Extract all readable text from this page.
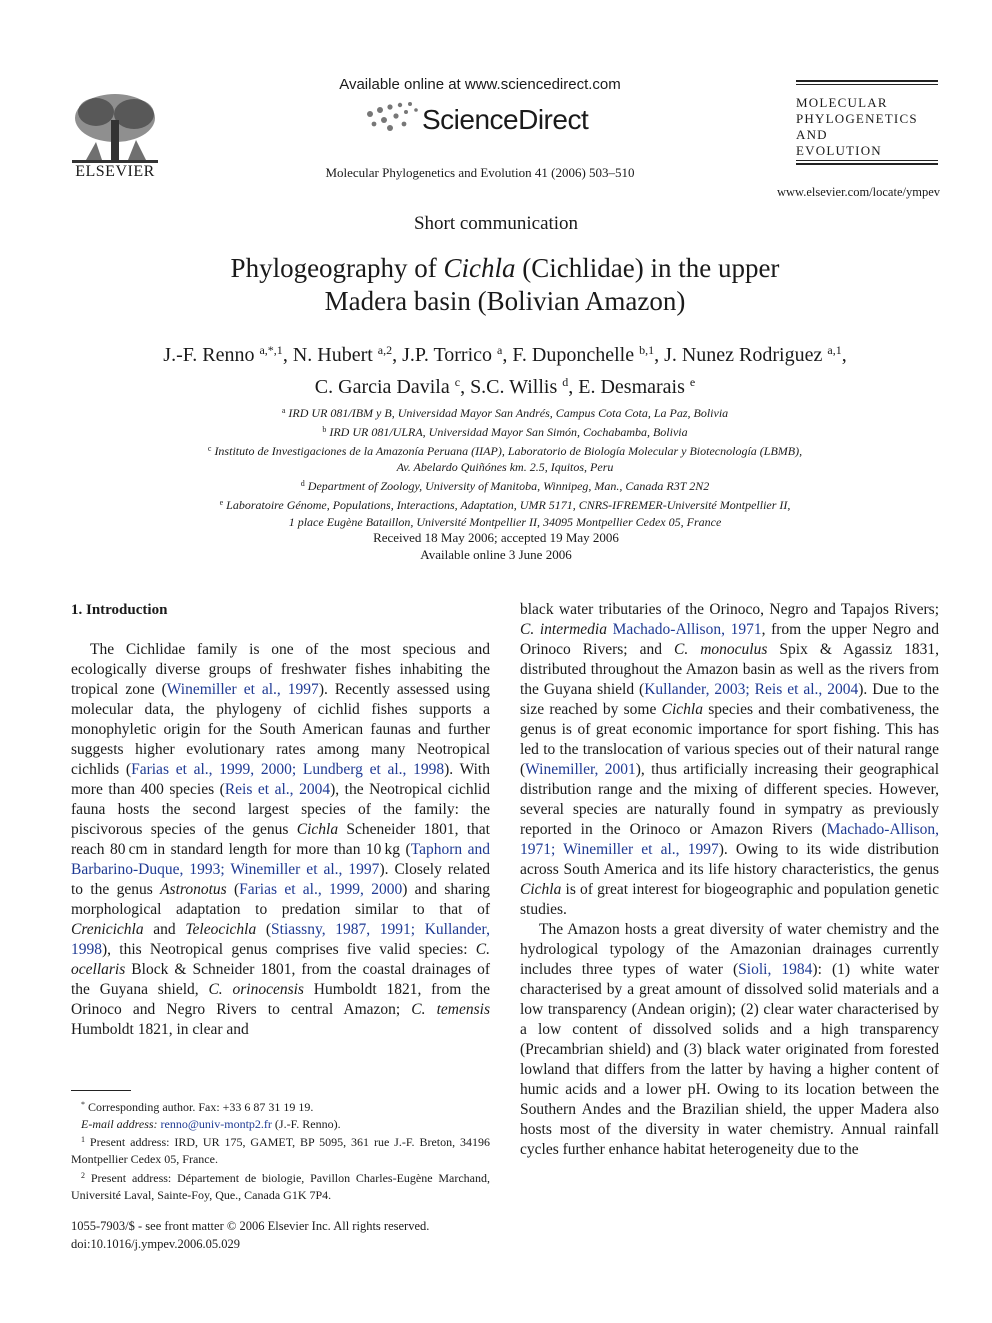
ELSEVIER
Available online at www.sciencedirect.com
ScienceDirect
Molecular Phylogenetics and Evolution 41 (2006) 503–510
MOLECULAR
PHYLOGENETICS
AND
EVOLUTION
www.elsevier.com/locate/ympev
Short communication
Phylogeography of Cichla (Cichlidae) in the upper
Madera basin (Bolivian Amazon)
J.-F. Renno $^{a,*,1}$, N. Hubert $^{a,2}$, J.P. Torrico $^a$, F. Duponchelle $^{b,1}$, J. Nunez Rodriguez $^{a,1}$,
C. Garcia Davila $^c$, S.C. Willis $^d$, E. Desmarais $^e$
$^a$ IRD UR 081/IBM y B, Universidad Mayor San Andrés, Campus Cota Cota, La Paz, Bolivia
$^b$ IRD UR 081/ULRA, Universidad Mayor San Simón, Cochabamba, Bolivia
$^c$ Instituto de Investigaciones de la Amazonía Peruana (IIAP), Laboratorio de Biología Molecular y Biotecnología (LBMB),
Av. Abelardo Quiñónes km. 2.5, Iquitos, Peru
$^d$ Department of Zoology, University of Manitoba, Winnipeg, Man., Canada R3T 2N2
$^e$ Laboratoire Génome, Populations, Interactions, Adaptation, UMR 5171, CNRS-IFREMER-Université Montpellier II,
1 place Eugène Bataillon, Université Montpellier II, 34095 Montpellier Cedex 05, France
Received 18 May 2006; accepted 19 May 2006
Available online 3 June 2006
1. Introduction

The Cichlidae family is one of the most specious and ecologically diverse groups of freshwater fishes inhabiting the tropical zone (Winemiller et al., 1997). Recently assessed using molecular data, the phylogeny of cichlid fishes supports a monophyletic origin for the South American faunas and further suggests higher evolutionary rates among many Neotropical cichlids (Farias et al., 1999, 2000; Lundberg et al., 1998). With more than 400 species (Reis et al., 2004), the Neotropical cichlid fauna hosts the second largest species of the family: the piscivorous species of the genus Cichla Scheneider 1801, that reach 80 cm in standard length for more than 10 kg (Taphorn and Barbarino-Duque, 1993; Winemiller et al., 1997). Closely related to the genus Astronotus (Farias et al., 1999, 2000) and sharing morphological adaptation to predation similar to that of Crenicichla and Teleocichla (Stiassny, 1987, 1991; Kullander, 1998), this Neotropical genus comprises five valid species: C. ocellaris Block & Schneider 1801, from the coastal drainages of the Guyana shield, C. orinocensis Humboldt 1821, from the Orinoco and Negro Rivers to central Amazon; C. temensis Humboldt 1821, in clear and

black water tributaries of the Orinoco, Negro and Tapajos Rivers; C. intermedia Machado-Allison, 1971, from the upper Negro and Orinoco Rivers; and C. monoculus Spix & Agassiz 1831, distributed throughout the Amazon basin as well as the rivers from the Guyana shield (Kullander, 2003; Reis et al., 2004). Due to the size reached by some Cichla species and their combativeness, the genus is of great economic importance for sport fishing. This has led to the translocation of various species out of their natural range (Winemiller, 2001), thus artificially increasing their geographical distribution range and the mixing of different species. However, several species are naturally found in sympatry as previously reported in the Orinoco or Amazon Rivers (Machado-Allison, 1971; Winemiller et al., 1997). Owing to its wide distribution across South America and its life history characteristics, the genus Cichla is of great interest for biogeographic and population genetic studies.

The Amazon hosts a great diversity of water chemistry and the hydrological typology of the Amazonian drainages currently includes three types of water (Sioli, 1984): (1) white water characterised by a great amount of dissolved solid materials and a low transparency (Andean origin); (2) clear water characterised by a low content of dissolved solids and a high transparency (Precambrian shield) and (3) black water originated from forested lowland that differs from the latter by having a higher content of humic acids and a lower pH. Owing to its location between the Southern Andes and the Brazilian shield, the upper Madera also hosts most of the diversity in water chemistry. Annual rainfall cycles further enhance habitat heterogeneity due to the

* Corresponding author. Fax: +33 6 87 31 19 19.
E-mail address: renno@univ-montp2.fr (J.-F. Renno).
$^1$ Present address: IRD, UR 175, GAMET, BP 5095, 361 rue J.-F. Breton, 34196 Montpellier Cedex 05, France.
$^2$ Present address: Département de biologie, Pavillon Charles-Eugène Marchand, Université Laval, Sainte-Foy, Que., Canada G1K 7P4.
1055-7903/$ - see front matter © 2006 Elsevier Inc. All rights reserved.
doi:10.1016/j.ympev.2006.05.029
